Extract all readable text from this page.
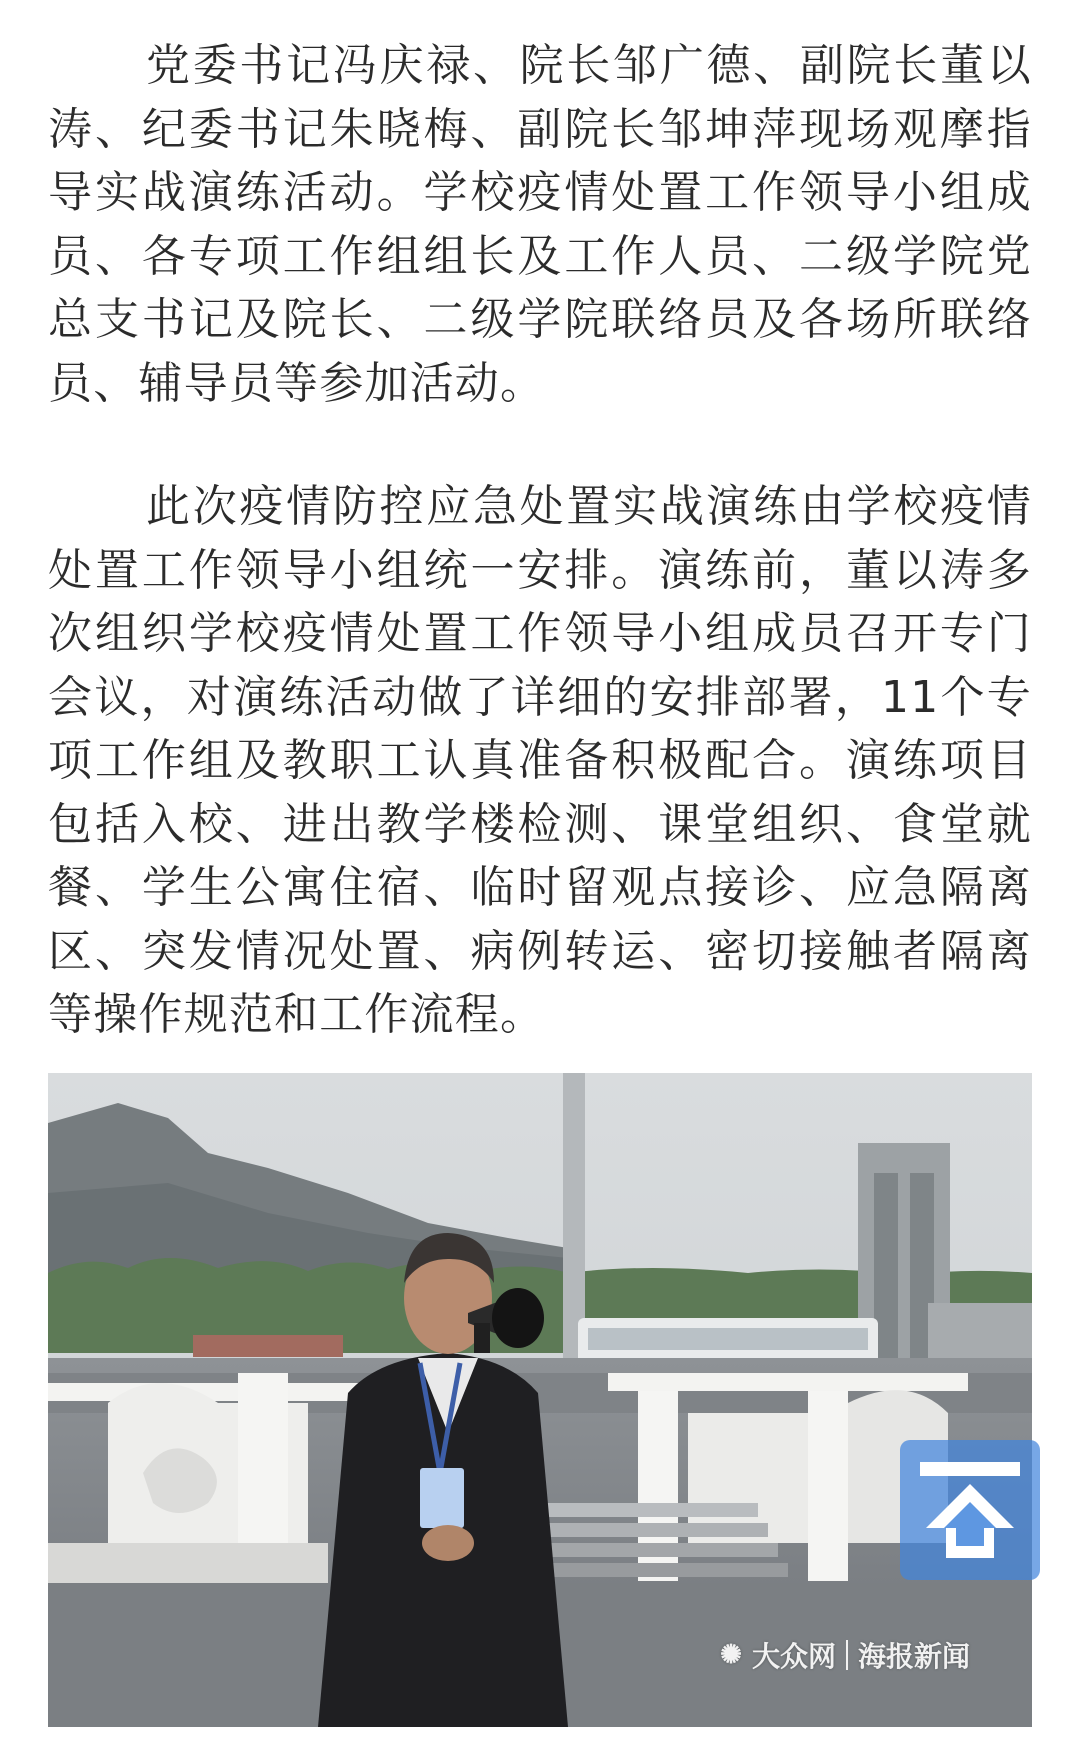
党委书记冯庆禄、院长邹广德、副院长董以涛、纪委书记朱晓梅、副院长邹坤萍现场观摩指导实战演练活动。学校疫情处置工作领导小组成员、各专项工作组组长及工作人员、二级学院党总支书记及院长、二级学院联络员及各场所联络员、辅导员等参加活动。

此次疫情防控应急处置实战演练由学校疫情处置工作领导小组统一安排。演练前，董以涛多次组织学校疫情处置工作领导小组成员召开专门会议，对演练活动做了详细的安排部署，11个专项工作组及教职工认真准备积极配合。演练项目包括入校、进出教学楼检测、课堂组织、食堂就餐、学生公寓住宿、临时留观点接诊、应急隔离区、突发情况处置、病例转运、密切接触者隔离等操作规范和工作流程。

✺ 大众网 海报新闻
